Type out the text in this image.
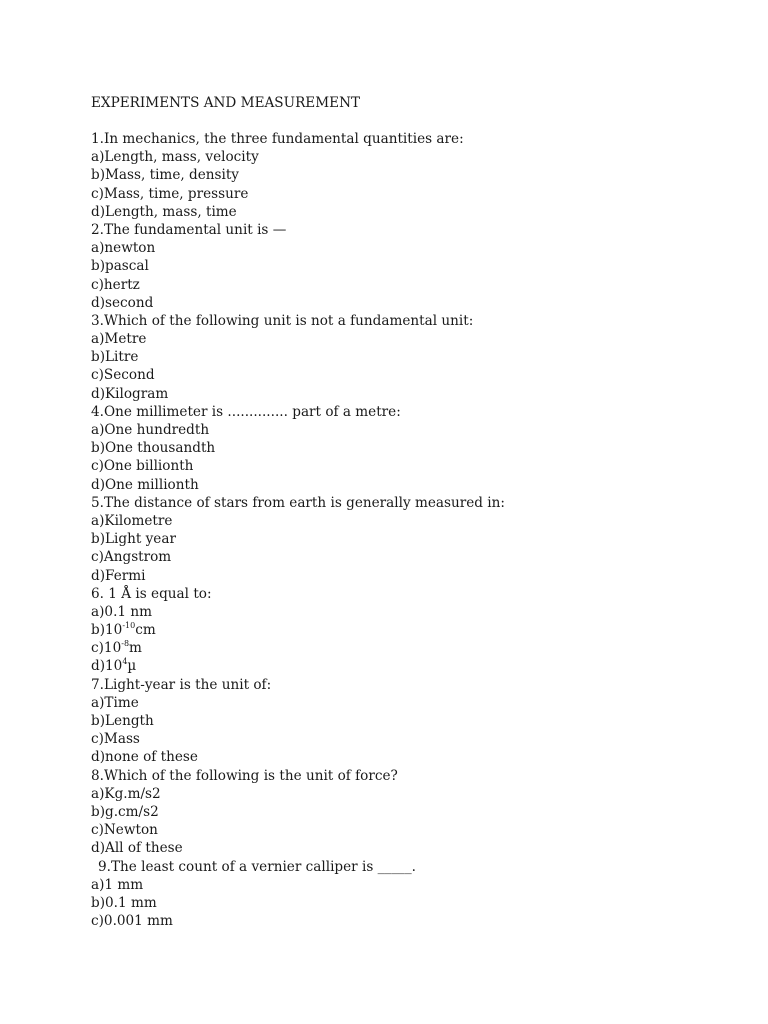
EXPERIMENTS AND MEASUREMENT
1.In mechanics, the three fundamental quantities are:
a)Length, mass, velocity
b)Mass, time, density
c)Mass, time, pressure
d)Length, mass, time
2.The fundamental unit is —
a)newton
b)pascal
c)hertz
d)second
3.Which of the following unit is not a fundamental unit:
a)Metre
b)Litre
c)Second
d)Kilogram
4.One millimeter is .............. part of a metre:
a)One hundredth
b)One thousandth
c)One billionth
d)One millionth
5.The distance of stars from earth is generally measured in:
a)Kilometre
b)Light year
c)Angstrom
d)Fermi
6. 1 Å is equal to:
a)0.1 nm
$b)10^{-10}cm$
$c)10^{-8}m$
$d)10^4\mu$
7.Light-year is the unit of:
a)Time
b)Length
c)Mass
d)none of these
8.Which of the following is the unit of force?
a)Kg.m/s2
b)g.cm/s2
c)Newton
d)All of these
9.The least count of a vernier calliper is _____.
a)1 mm
b)0.1 mm
c)0.001 mm
